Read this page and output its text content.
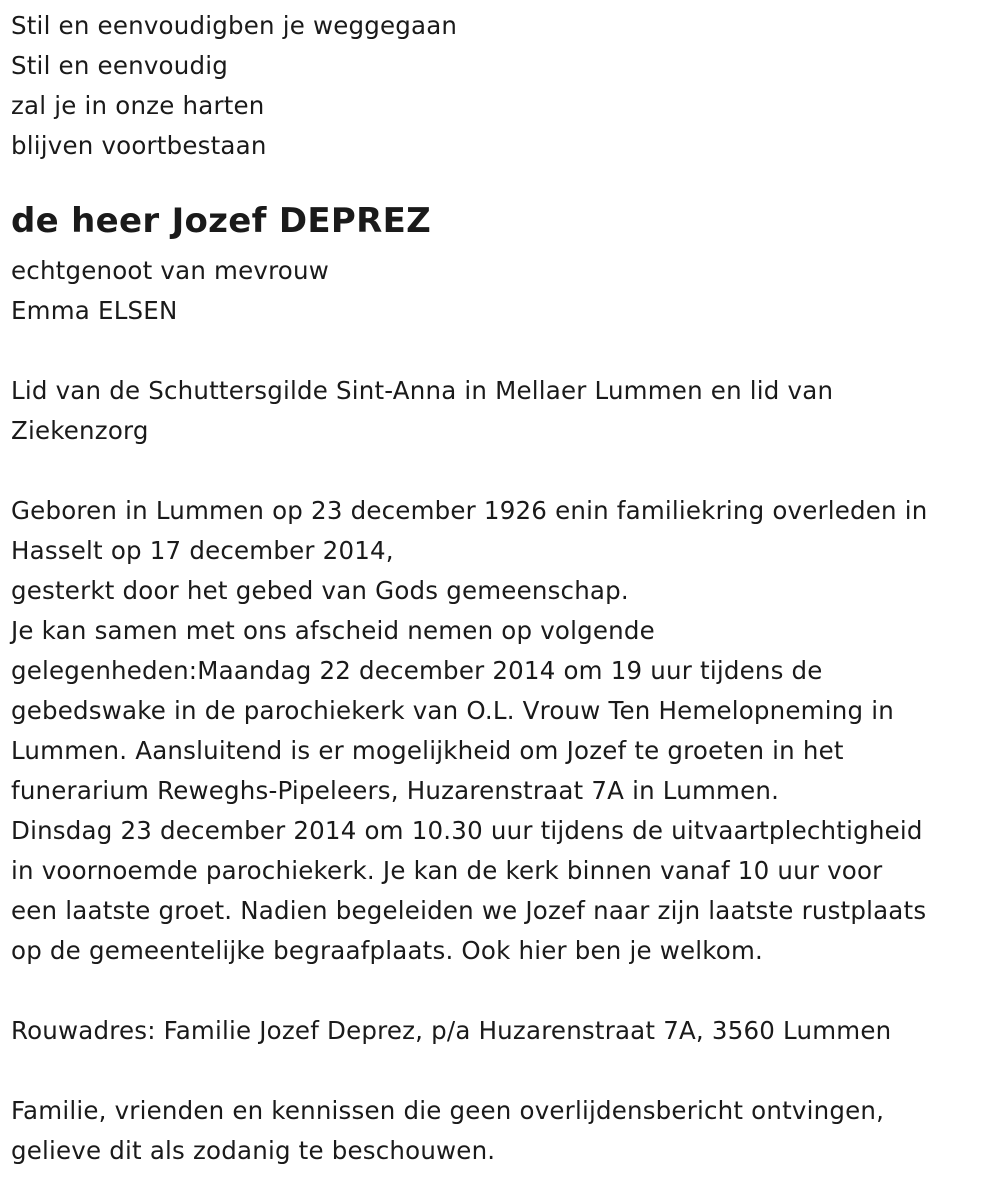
Stil en eenvoudigben je weggegaan
Stil en eenvoudig
zal je in onze harten
blijven voortbestaan
de heer Jozef DEPREZ
echtgenoot van mevrouw
Emma ELSEN
Lid van de Schuttersgilde Sint-Anna in Mellaer Lummen en lid van
Ziekenzorg
Geboren in Lummen op 23 december 1926 enin familiekring overleden in
Hasselt op 17 december 2014,
gesterkt door het gebed van Gods gemeenschap.
Je kan samen met ons afscheid nemen op volgende
gelegenheden:Maandag 22 december 2014 om 19 uur tijdens de
gebedswake in de parochiekerk van O.L. Vrouw Ten Hemelopneming in
Lummen. Aansluitend is er mogelijkheid om Jozef te groeten in het
funerarium Reweghs-Pipeleers, Huzarenstraat 7A in Lummen.
Dinsdag 23 december 2014 om 10.30 uur tijdens de uitvaartplechtigheid
in voornoemde parochiekerk. Je kan de kerk binnen vanaf 10 uur voor
een laatste groet. Nadien begeleiden we Jozef naar zijn laatste rustplaats
op de gemeentelijke begraafplaats. Ook hier ben je welkom.
Rouwadres: Familie Jozef Deprez, p/a Huzarenstraat 7A, 3560 Lummen
Familie, vrienden en kennissen die geen overlijdensbericht ontvingen,
gelieve dit als zodanig te beschouwen.
